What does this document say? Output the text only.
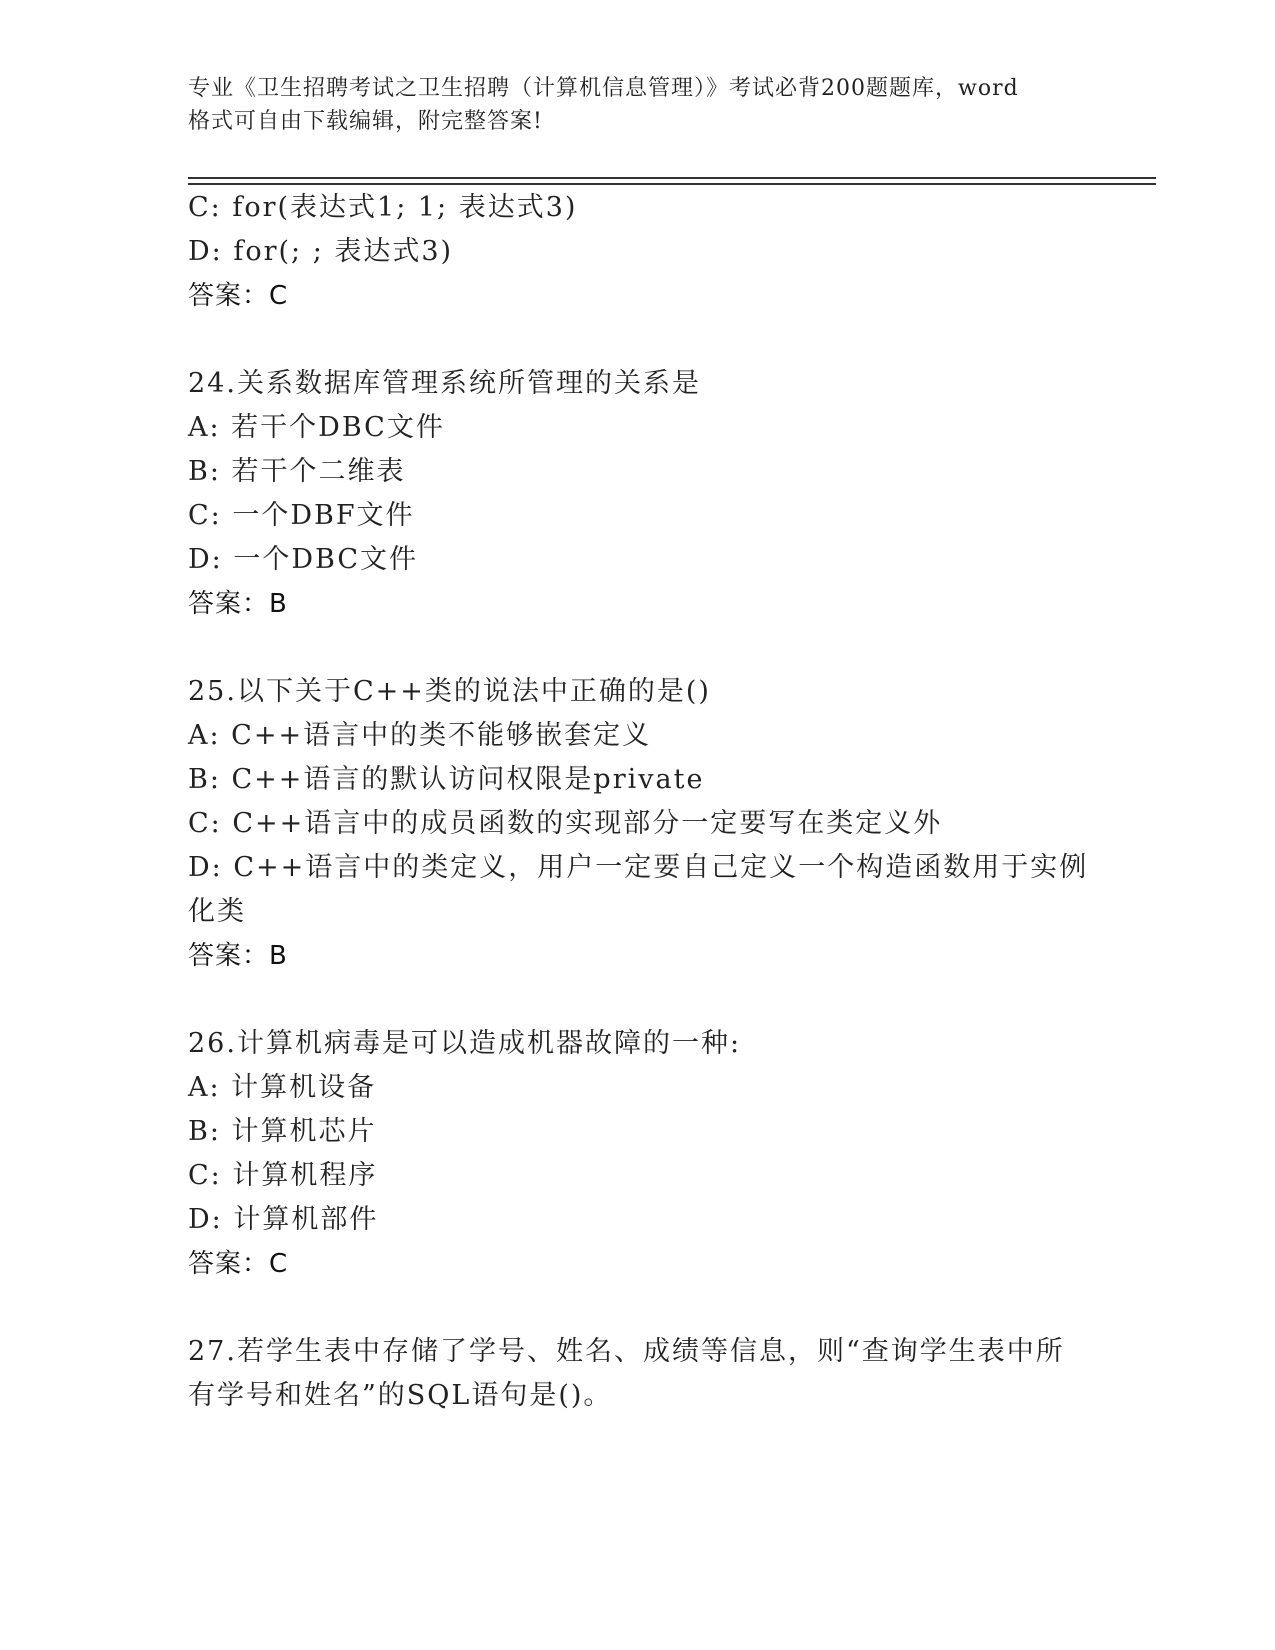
专业《卫生招聘考试之卫生招聘（计算机信息管理）》考试必背200题题库，word
格式可自由下载编辑，附完整答案!
C: for(表达式1; 1; 表达式3)
D: for(; ; 表达式3)
答案：C
24.关系数据库管理系统所管理的关系是
A: 若干个DBC文件
B: 若干个二维表
C: 一个DBF文件
D: 一个DBC文件
答案：B
25.以下关于C++类的说法中正确的是()
A: C++语言中的类不能够嵌套定义
B: C++语言的默认访问权限是private
C: C++语言中的成员函数的实现部分一定要写在类定义外
D: C++语言中的类定义，用户一定要自己定义一个构造函数用于实例
化类
答案：B
26.计算机病毒是可以造成机器故障的一种:
A: 计算机设备
B: 计算机芯片
C: 计算机程序
D: 计算机部件
答案：C
27.若学生表中存储了学号、姓名、成绩等信息，则“查询学生表中所
有学号和姓名”的SQL语句是()。
